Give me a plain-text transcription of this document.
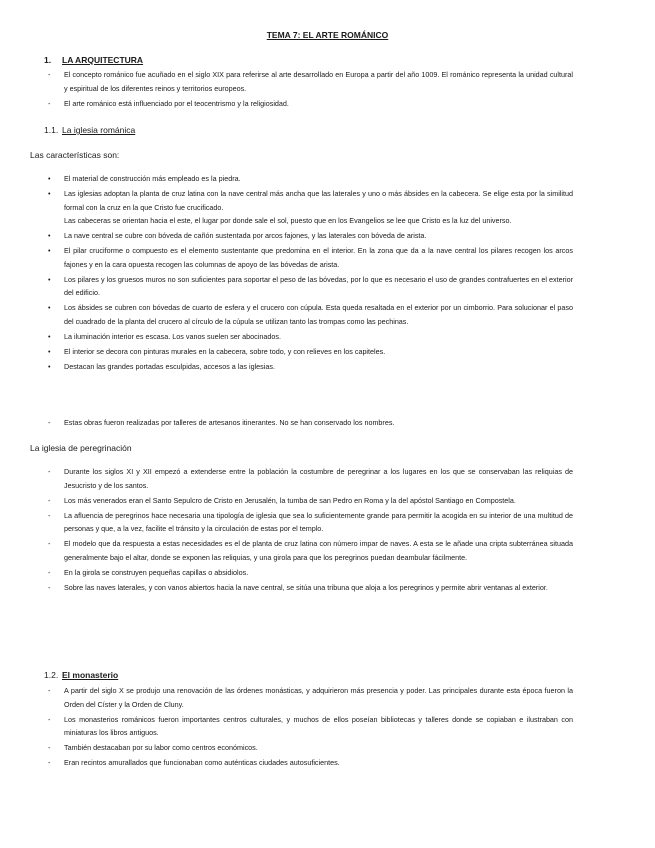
TEMA 7: EL ARTE ROMÁNICO
1. LA ARQUITECTURA
-
El concepto románico fue acuñado en el siglo XIX para referirse al arte desarrollado en Europa a partir del año 1009. El románico representa la unidad cultural y espiritual de los diferentes reinos y territorios europeos.
-
El arte románico está influenciado por el teocentrismo y la religiosidad.
1.1. La iglesia románica
Las características son:
•
El material de construcción más empleado es la piedra.
•
Las iglesias adoptan la planta de cruz latina con la nave central más ancha que las laterales y uno o más ábsides en la cabecera. Se elige esta por la similitud formal con la cruz en la que Cristo fue crucificado.
Las cabeceras se orientan hacia el este, el lugar por donde sale el sol, puesto que en los Evangelios se lee que Cristo es la luz del universo.
•
La nave central se cubre con bóveda de cañón sustentada por arcos fajones, y las laterales con bóveda de arista.
•
El pilar cruciforme o compuesto es el elemento sustentante que predomina en el interior. En la zona que da a la nave central los pilares recogen los arcos fajones y en la cara opuesta recogen las columnas de apoyo de las bóvedas de arista.
•
Los pilares y los gruesos muros no son suficientes para soportar el peso de las bóvedas, por lo que es necesario el uso de grandes contrafuertes en el exterior del edificio.
•
Los ábsides se cubren con bóvedas de cuarto de esfera y el crucero con cúpula. Esta queda resaltada en el exterior por un cimborrio. Para solucionar el paso del cuadrado de la planta del crucero al círculo de la cúpula se utilizan tanto las trompas como las pechinas.
•
La iluminación interior es escasa. Los vanos suelen ser abocinados.
•
El interior se decora con pinturas murales en la cabecera, sobre todo, y con relieves en los capiteles.
•
Destacan las grandes portadas esculpidas, accesos a las iglesias.
-
Estas obras fueron realizadas por talleres de artesanos itinerantes. No se han conservado los nombres.
La iglesia de peregrinación
-
Durante los siglos XI y XII empezó a extenderse entre la población la costumbre de peregrinar a los lugares en los que se conservaban las reliquias de Jesucristo y de los santos.
-
Los más venerados eran el Santo Sepulcro de Cristo en Jerusalén, la tumba de san Pedro en Roma y la del apóstol Santiago en Compostela.
-
La afluencia de peregrinos hace necesaria una tipología de iglesia que sea lo suficientemente grande para permitir la acogida en su interior de una multitud de personas y que, a la vez, facilite el tránsito y la circulación de estas por el templo.
-
El modelo que da respuesta a estas necesidades es el de planta de cruz latina con número impar de naves. A esta se le añade una cripta subterránea situada generalmente bajo el altar, donde se exponen las reliquias, y una girola para que los peregrinos puedan deambular fácilmente.
-
En la girola se construyen pequeñas capillas o absidiolos.
-
Sobre las naves laterales, y con vanos abiertos hacia la nave central, se sitúa una tribuna que aloja a los peregrinos y permite abrir ventanas al exterior.
1.2. El monasterio
-
A partir del siglo X se produjo una renovación de las órdenes monásticas, y adquirieron más presencia y poder. Las principales durante esta época fueron la Orden del Císter y la Orden de Cluny.
-
Los monasterios románicos fueron importantes centros culturales, y muchos de ellos poseían bibliotecas y talleres donde se copiaban e ilustraban con miniaturas los libros antiguos.
-
También destacaban por su labor como centros económicos.
-
Eran recintos amurallados que funcionaban como auténticas ciudades autosuficientes.
